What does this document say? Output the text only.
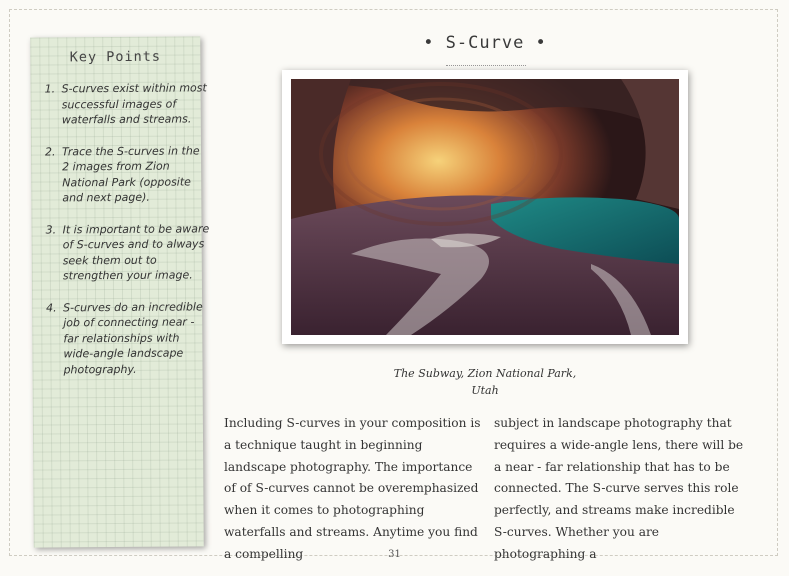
Key Points
1. S-curves exist within most successful images of waterfalls and streams.
2. Trace the S-curves in the 2 images from Zion National Park (opposite and next page).
3. It is important to be aware of S-curves and to always seek them out to strengthen your image.
4. S-curves do an incredible job of connecting near - far relationships with wide-angle landscape photography.
• S-Curve •
The Subway, Zion National Park,
Utah
Including S-curves in your composition is a technique taught in beginning landscape photography. The importance of of S-curves cannot be overemphasized when it comes to photographing waterfalls and streams. Anytime you find a compelling
subject in landscape photography that requires a wide-angle lens, there will be a near - far relationship that has to be connected. The S-curve serves this role perfectly, and streams make incredible S-curves. Whether you are photographing a
31
